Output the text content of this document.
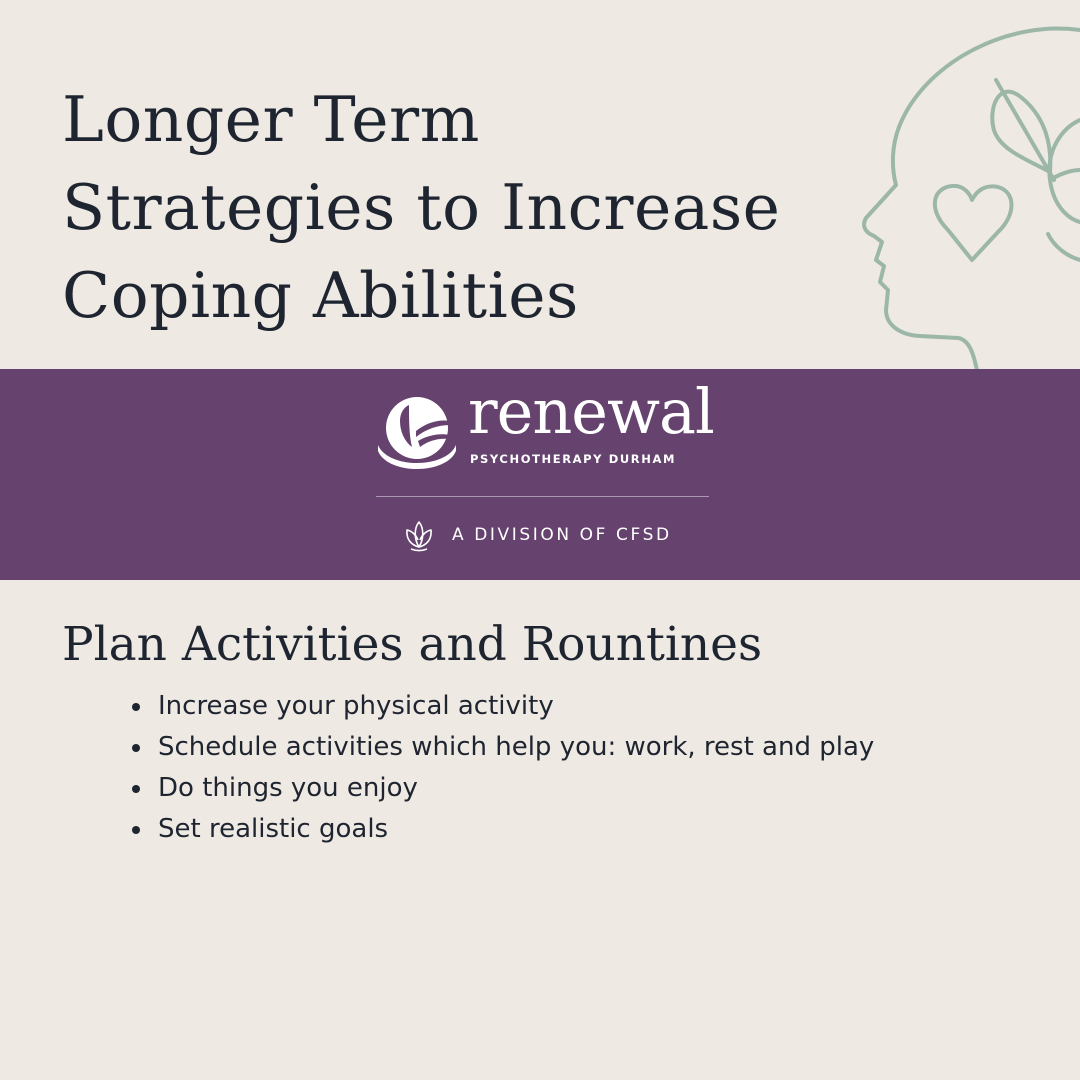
Longer Term
Strategies to Increase
Coping Abilities
renewal
PSYCHOTHERAPY DURHAM
A DIVISION OF CFSD
Plan Activities and Rountines
Increase your physical activity
Schedule activities which help you: work, rest and play
Do things you enjoy
Set realistic goals
